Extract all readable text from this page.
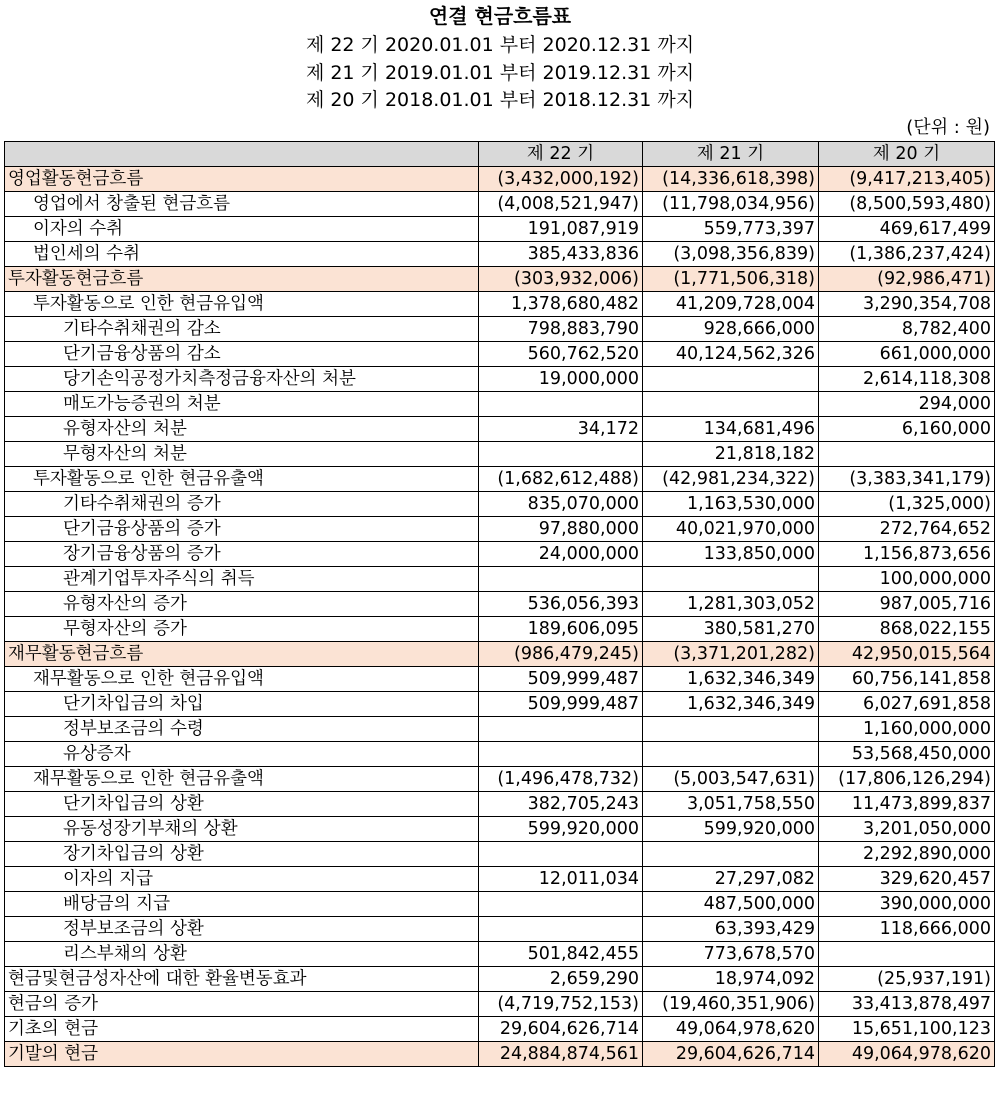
연결 현금흐름표
제 22 기 2020.01.01 부터 2020.12.31 까지
제 21 기 2019.01.01 부터 2019.12.31 까지
제 20 기 2018.01.01 부터 2018.12.31 까지
(단위 : 원)
	제 22 기	제 21 기	제 20 기
영업활동현금흐름	(3,432,000,192)	(14,336,618,398)	(9,417,213,405)
영업에서 창출된 현금흐름	(4,008,521,947)	(11,798,034,956)	(8,500,593,480)
이자의 수취	191,087,919	559,773,397	469,617,499
법인세의 수취	385,433,836	(3,098,356,839)	(1,386,237,424)
투자활동현금흐름	(303,932,006)	(1,771,506,318)	(92,986,471)
투자활동으로 인한 현금유입액	1,378,680,482	41,209,728,004	3,290,354,708
기타수취채권의 감소	798,883,790	928,666,000	8,782,400
단기금융상품의 감소	560,762,520	40,124,562,326	661,000,000
당기손익공정가치측정금융자산의 처분	19,000,000		2,614,118,308
매도가능증권의 처분			294,000
유형자산의 처분	34,172	134,681,496	6,160,000
무형자산의 처분		21,818,182	
투자활동으로 인한 현금유출액	(1,682,612,488)	(42,981,234,322)	(3,383,341,179)
기타수취채권의 증가	835,070,000	1,163,530,000	(1,325,000)
단기금융상품의 증가	97,880,000	40,021,970,000	272,764,652
장기금융상품의 증가	24,000,000	133,850,000	1,156,873,656
관계기업투자주식의 취득			100,000,000
유형자산의 증가	536,056,393	1,281,303,052	987,005,716
무형자산의 증가	189,606,095	380,581,270	868,022,155
재무활동현금흐름	(986,479,245)	(3,371,201,282)	42,950,015,564
재무활동으로 인한 현금유입액	509,999,487	1,632,346,349	60,756,141,858
단기차입금의 차입	509,999,487	1,632,346,349	6,027,691,858
정부보조금의 수령			1,160,000,000
유상증자			53,568,450,000
재무활동으로 인한 현금유출액	(1,496,478,732)	(5,003,547,631)	(17,806,126,294)
단기차입금의 상환	382,705,243	3,051,758,550	11,473,899,837
유동성장기부채의 상환	599,920,000	599,920,000	3,201,050,000
장기차입금의 상환			2,292,890,000
이자의 지급	12,011,034	27,297,082	329,620,457
배당금의 지급		487,500,000	390,000,000
정부보조금의 상환		63,393,429	118,666,000
리스부채의 상환	501,842,455	773,678,570	
현금및현금성자산에 대한 환율변동효과	2,659,290	18,974,092	(25,937,191)
현금의 증가	(4,719,752,153)	(19,460,351,906)	33,413,878,497
기초의 현금	29,604,626,714	49,064,978,620	15,651,100,123
기말의 현금	24,884,874,561	29,604,626,714	49,064,978,620
